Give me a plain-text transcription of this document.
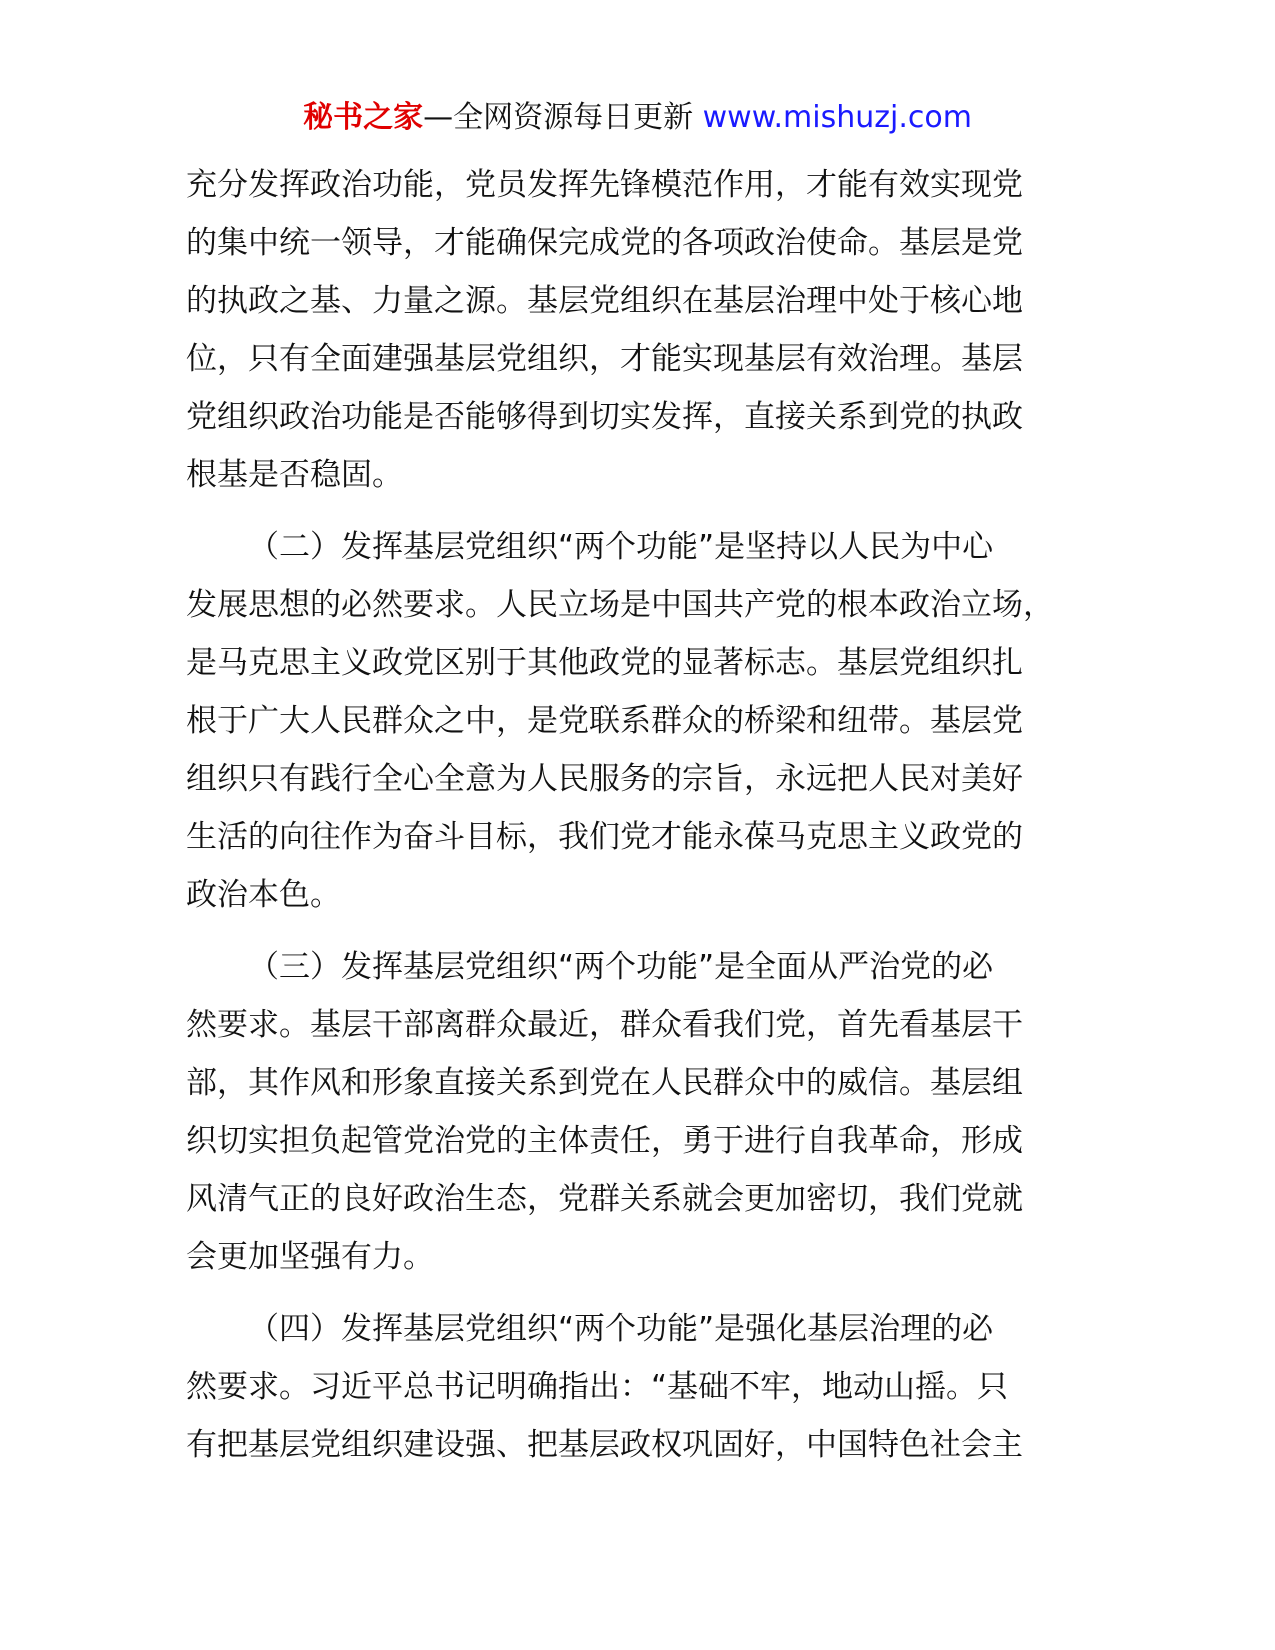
秘书之家—全网资源每日更新 www.mishuzj.com
充分发挥政治功能，党员发挥先锋模范作用，才能有效实现党
的集中统一领导，才能确保完成党的各项政治使命。基层是党
的执政之基、力量之源。基层党组织在基层治理中处于核心地
位，只有全面建强基层党组织，才能实现基层有效治理。基层
党组织政治功能是否能够得到切实发挥，直接关系到党的执政
根基是否稳固。
（二）发挥基层党组织“两个功能”是坚持以人民为中心
发展思想的必然要求。人民立场是中国共产党的根本政治立场，
是马克思主义政党区别于其他政党的显著标志。基层党组织扎
根于广大人民群众之中，是党联系群众的桥梁和纽带。基层党
组织只有践行全心全意为人民服务的宗旨，永远把人民对美好
生活的向往作为奋斗目标，我们党才能永葆马克思主义政党的
政治本色。
（三）发挥基层党组织“两个功能”是全面从严治党的必
然要求。基层干部离群众最近，群众看我们党，首先看基层干
部，其作风和形象直接关系到党在人民群众中的威信。基层组
织切实担负起管党治党的主体责任，勇于进行自我革命，形成
风清气正的良好政治生态，党群关系就会更加密切，我们党就
会更加坚强有力。
（四）发挥基层党组织“两个功能”是强化基层治理的必
然要求。习近平总书记明确指出：“基础不牢，地动山摇。只
有把基层党组织建设强、把基层政权巩固好，中国特色社会主
